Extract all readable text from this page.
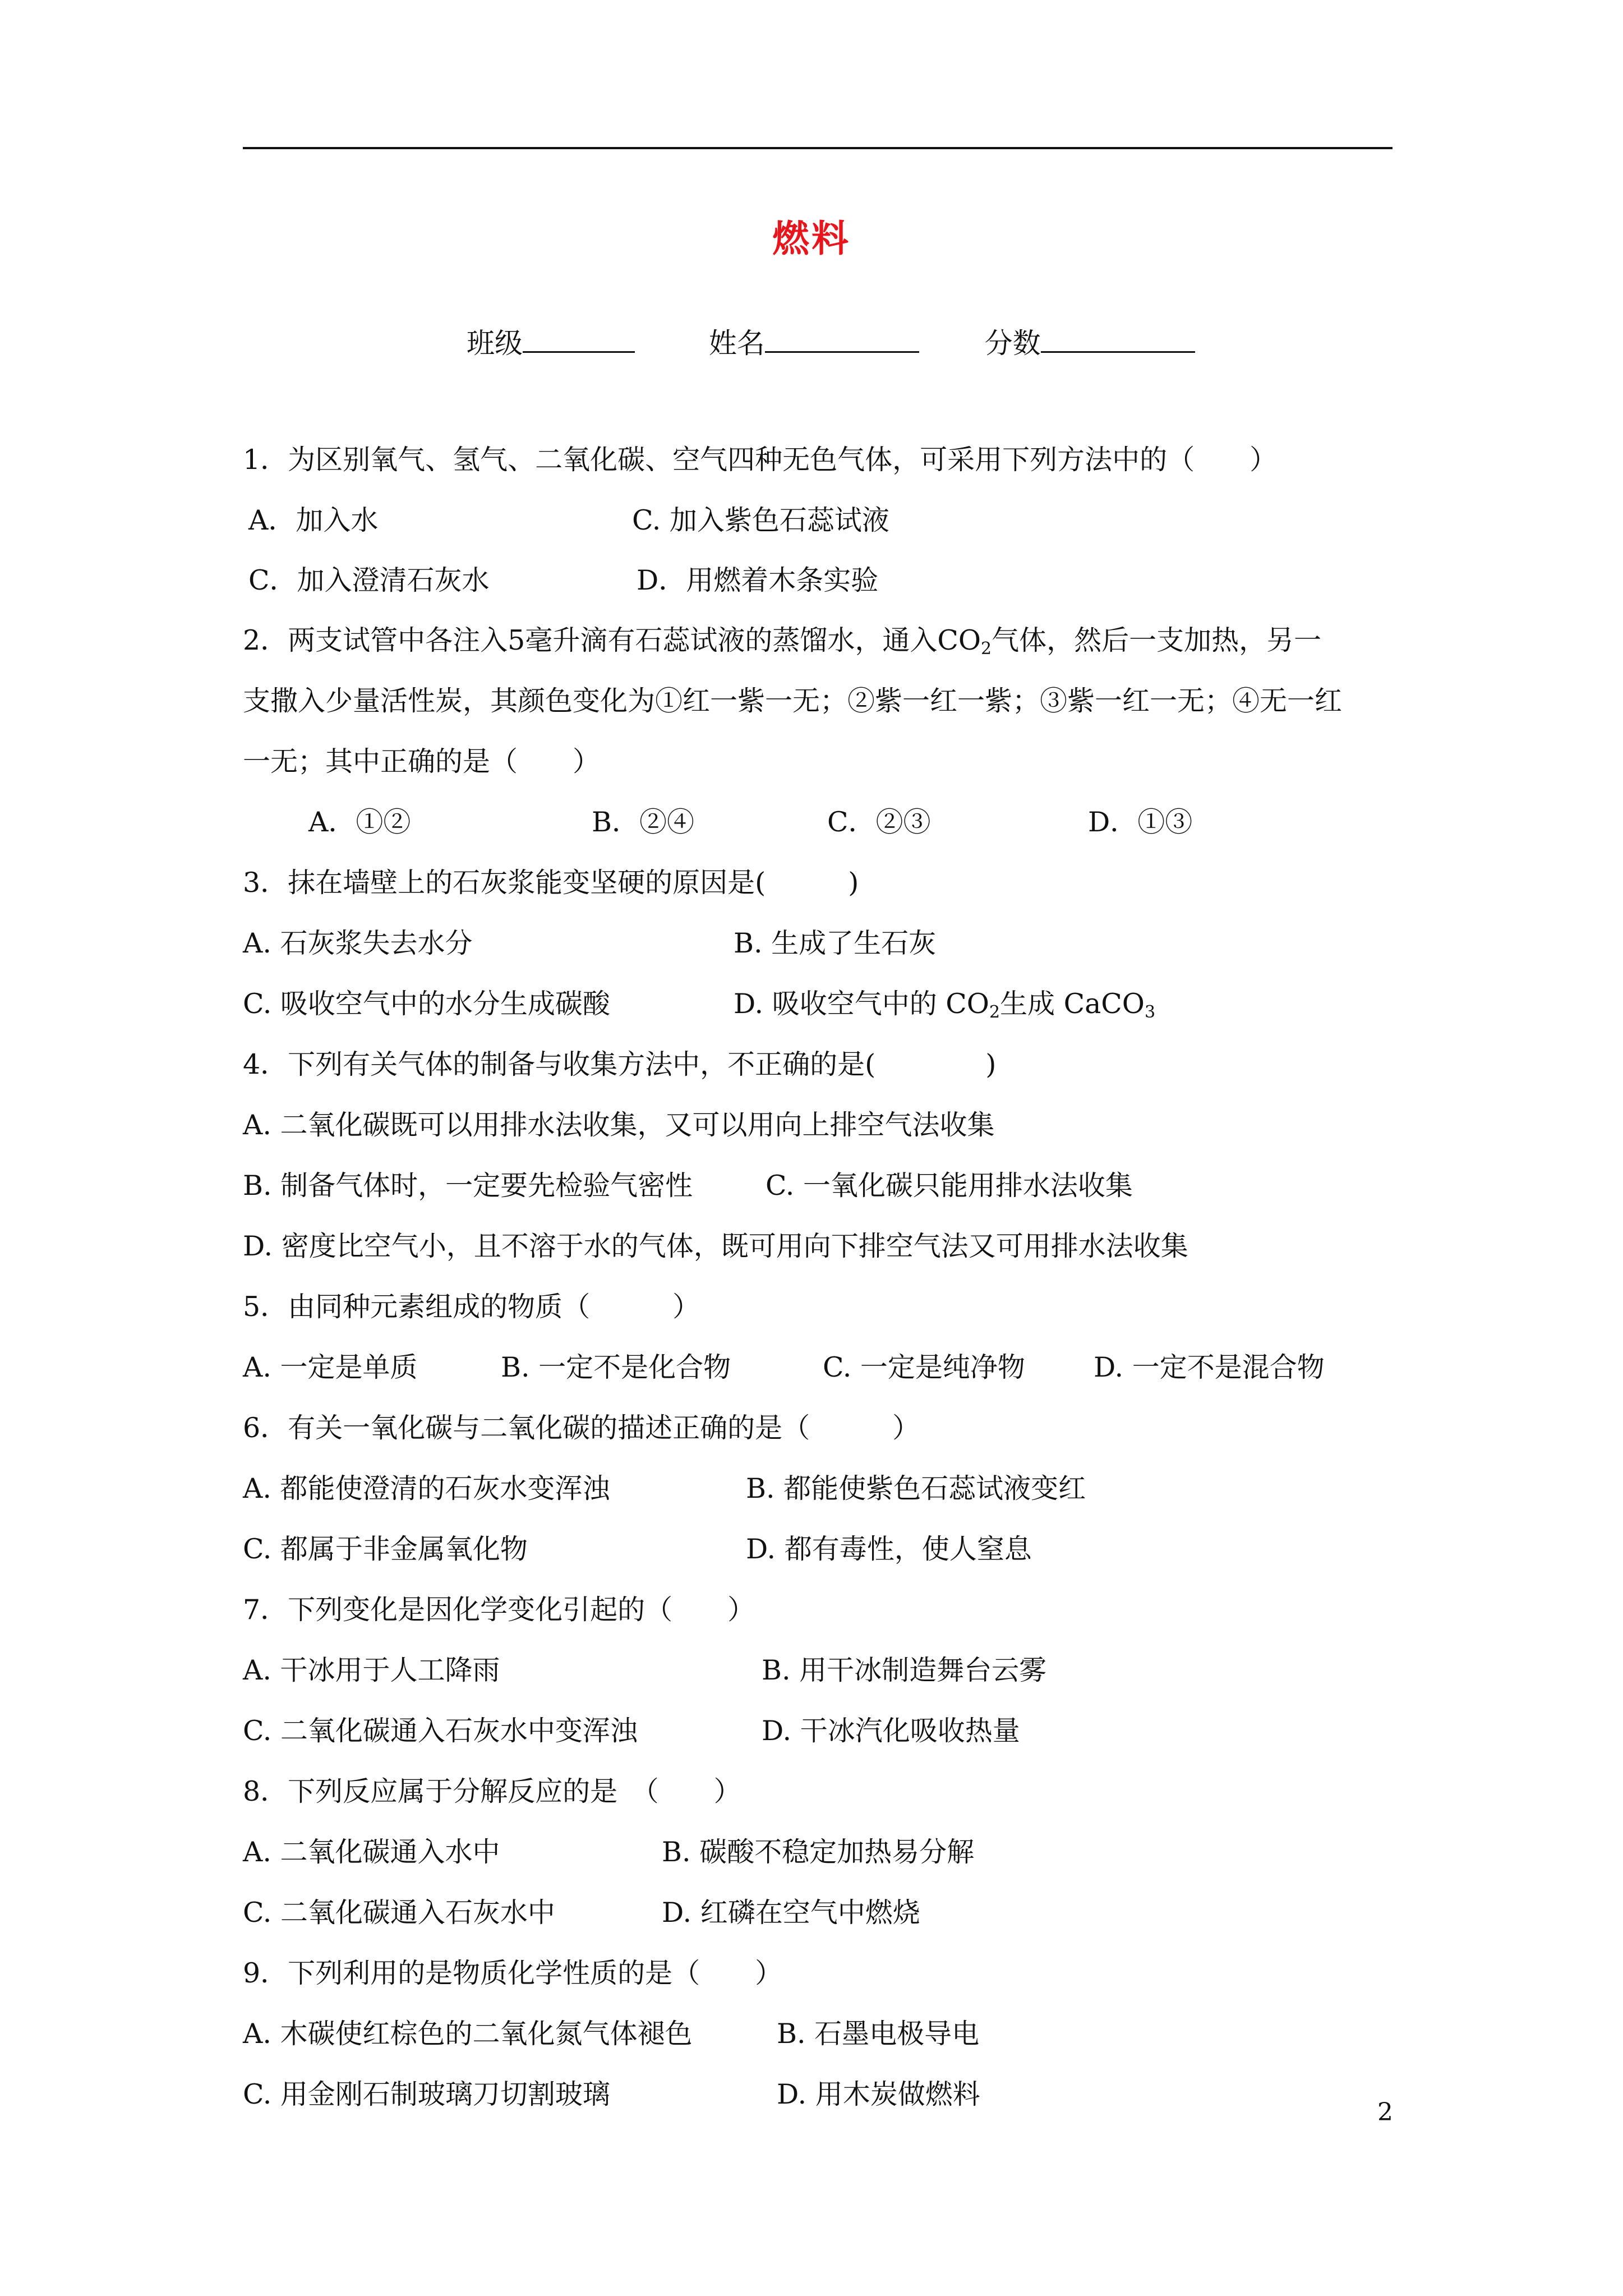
燃料
班级	姓名	分数
1．为区别氧气、氢气、二氧化碳、空气四种无色气体，可采用下列方法中的（　　）
A．加入水	C. 加入紫色石蕊试液
C．加入澄清石灰水	D．用燃着木条实验
2．两支试管中各注入5毫升滴有石蕊试液的蒸馏水，通入$CO_2$气体，然后一支加热，另一
支撒入少量活性炭，其颜色变化为①红一紫一无；②紫一红一紫；③紫一红一无；④无一红
一无；其中正确的是（　　）
A．①②	B．②④	C．②③	D．①③
3．抹在墙壁上的石灰浆能变坚硬的原因是(　　　)
A. 石灰浆失去水分	B. 生成了生石灰
C. 吸收空气中的水分生成碳酸	D. 吸收空气中的 $CO_2$生成 CaCO$_3$
4．下列有关气体的制备与收集方法中，不正确的是(　　　　)
A. 二氧化碳既可以用排水法收集，又可以用向上排空气法收集
B. 制备气体时，一定要先检验气密性	C. 一氧化碳只能用排水法收集
D. 密度比空气小，且不溶于水的气体，既可用向下排空气法又可用排水法收集
5．由同种元素组成的物质（　　　）
A. 一定是单质	B. 一定不是化合物	C. 一定是纯净物 D. 一定不是混合物
6．有关一氧化碳与二氧化碳的描述正确的是（　　　）
A. 都能使澄清的石灰水变浑浊	B. 都能使紫色石蕊试液变红
C. 都属于非金属氧化物	D. 都有毒性，使人窒息
7．下列变化是因化学变化引起的（　　）
A. 干冰用于人工降雨	B. 用干冰制造舞台云雾
C. 二氧化碳通入石灰水中变浑浊	D. 干冰汽化吸收热量
8．下列反应属于分解反应的是　（　　）
A. 二氧化碳通入水中	B. 碳酸不稳定加热易分解
C. 二氧化碳通入石灰水中	D. 红磷在空气中燃烧
9．下列利用的是物质化学性质的是（　　）
A. 木碳使红棕色的二氧化氮气体褪色	B. 石墨电极导电
C. 用金刚石制玻璃刀切割玻璃	D. 用木炭做燃料
2
